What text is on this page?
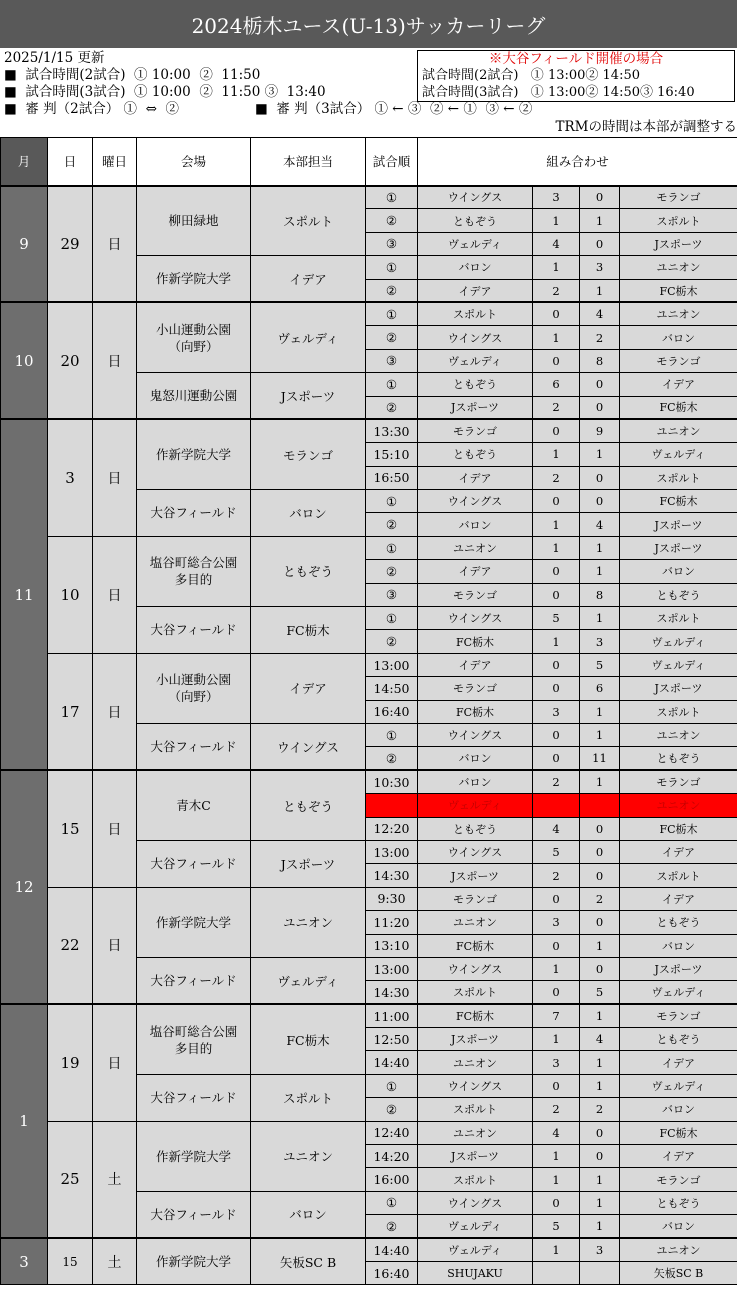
2024栃木ユース(U-13)サッカーリーグ
2025/1/15 更新
■  試合時間(2試合)  ① 10:00  ②  11:50
■  試合時間(3試合)  ① 10:00  ②  11:50 ③  13:40
■  審 判（2試合） ①  ⇔  ②	■  審 判（3試合） ① ← ③  ② ← ①  ③ ← ②
※大谷フィールド開催の場合
試合時間(2試合)   ① 13:00② 14:50
試合時間(3試合)   ① 13:00② 14:50③ 16:40
TRMの時間は本部が調整する
月	日	曜日	会場	本部担当	試合順	組み合わせ			
9	29	日	柳田緑地	スポルト	①	ウイングス	3	0	モランゴ
					②	ともぞう	1	1	スポルト
					③	ヴェルディ	4	0	Jスポーツ

			作新学院大学	イデア	①	バロン	1	3	ユニオン
					②	イデア	2	1	FC栃木
10	20	日	小山運動公園
（向野）	ヴェルディ	①	スポルト	0	4	ユニオン
					②	ウイングス	1	2	バロン
					③	ヴェルディ	0	8	モランゴ

			鬼怒川運動公園	Jスポーツ	①	ともぞう	6	0	イデア
					②	Jスポーツ	2	0	FC栃木
11	3	日	作新学院大学	モランゴ	13:30	モランゴ	0	9	ユニオン
					15:10	ともぞう	1	1	ヴェルディ
					16:50	イデア	2	0	スポルト

			大谷フィールド	バロン	①	ウイングス	0	0	FC栃木
					②	バロン	1	4	Jスポーツ
	10	日	塩谷町総合公園
多目的	ともぞう	①	ユニオン	1	1	Jスポーツ
					②	イデア	0	1	バロン
					③	モランゴ	0	8	ともぞう

			大谷フィールド	FC栃木	①	ウイングス	5	1	スポルト
					②	FC栃木	1	3	ヴェルディ
	17	日	小山運動公園
（向野）	イデア	13:00	イデア	0	5	ヴェルディ
					14:50	モランゴ	0	6	Jスポーツ
					16:40	FC栃木	3	1	スポルト

			大谷フィールド	ウイングス	①	ウイングス	0	1	ユニオン
					②	バロン	0	11	ともぞう
12	15	日	青木C	ともぞう	10:30	バロン	2	1	モランゴ
						ヴェルディ			ユニオン
					12:20	ともぞう	4	0	FC栃木

			大谷フィールド	Jスポーツ	13:00	ウイングス	5	0	イデア
					14:30	Jスポーツ	2	0	スポルト
	22	日	作新学院大学	ユニオン	9:30	モランゴ	0	2	イデア
					11:20	ユニオン	3	0	ともぞう
					13:10	FC栃木	0	1	バロン

			大谷フィールド	ヴェルディ	13:00	ウイングス	1	0	Jスポーツ
					14:30	スポルト	0	5	ヴェルディ
1	19	日	塩谷町総合公園
多目的	FC栃木	11:00	FC栃木	7	1	モランゴ
					12:50	Jスポーツ	1	4	ともぞう
					14:40	ユニオン	3	1	イデア

			大谷フィールド	スポルト	①	ウイングス	0	1	ヴェルディ
					②	スポルト	2	2	バロン
	25	土	作新学院大学	ユニオン	12:40	ユニオン	4	0	FC栃木
					14:20	Jスポーツ	1	0	イデア
					16:00	スポルト	1	1	モランゴ

			大谷フィールド	バロン	①	ウイングス	0	1	ともぞう
					②	ヴェルディ	5	1	バロン
3	15	土	作新学院大学	矢板SC B	14:40	ヴェルディ	1	3	ユニオン
					16:40	SHUJAKU			矢板SC B
